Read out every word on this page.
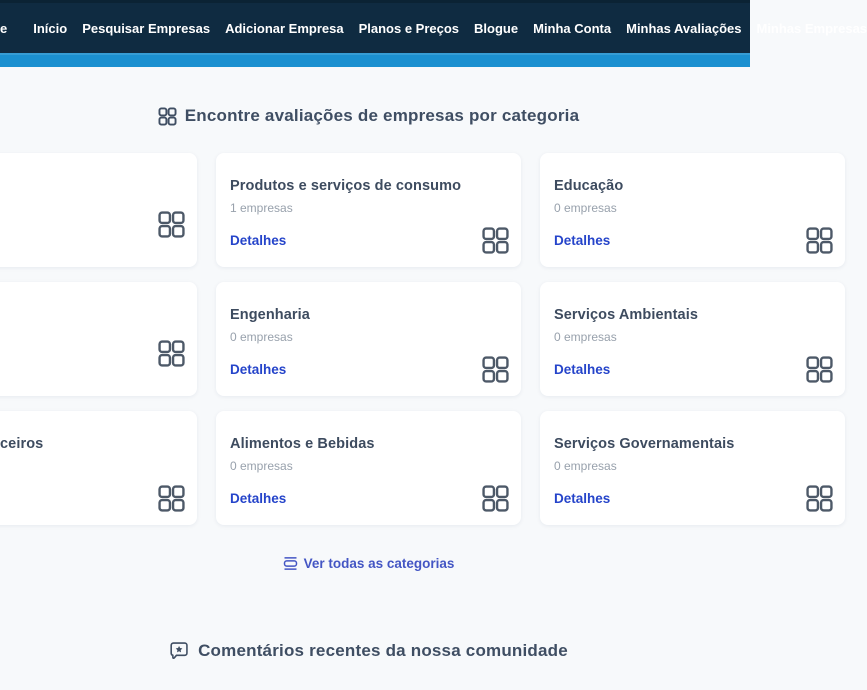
e Início Pesquisar Empresas Adicionar Empresa Planos e Preços Blogue Minha Conta Minhas Avaliações Minhas Empresas
Encontre avaliações de empresas por categoria
Produtos e serviços de consumo
1 empresas
Detalhes
Educação
0 empresas
Detalhes
Engenharia
0 empresas
Detalhes
Serviços Ambientais
0 empresas
Detalhes
ceiros	Alimentos e Bebidas
0 empresas
Detalhes
Serviços Governamentais
0 empresas
Detalhes
Ver todas as categorias
Comentários recentes da nossa comunidade
